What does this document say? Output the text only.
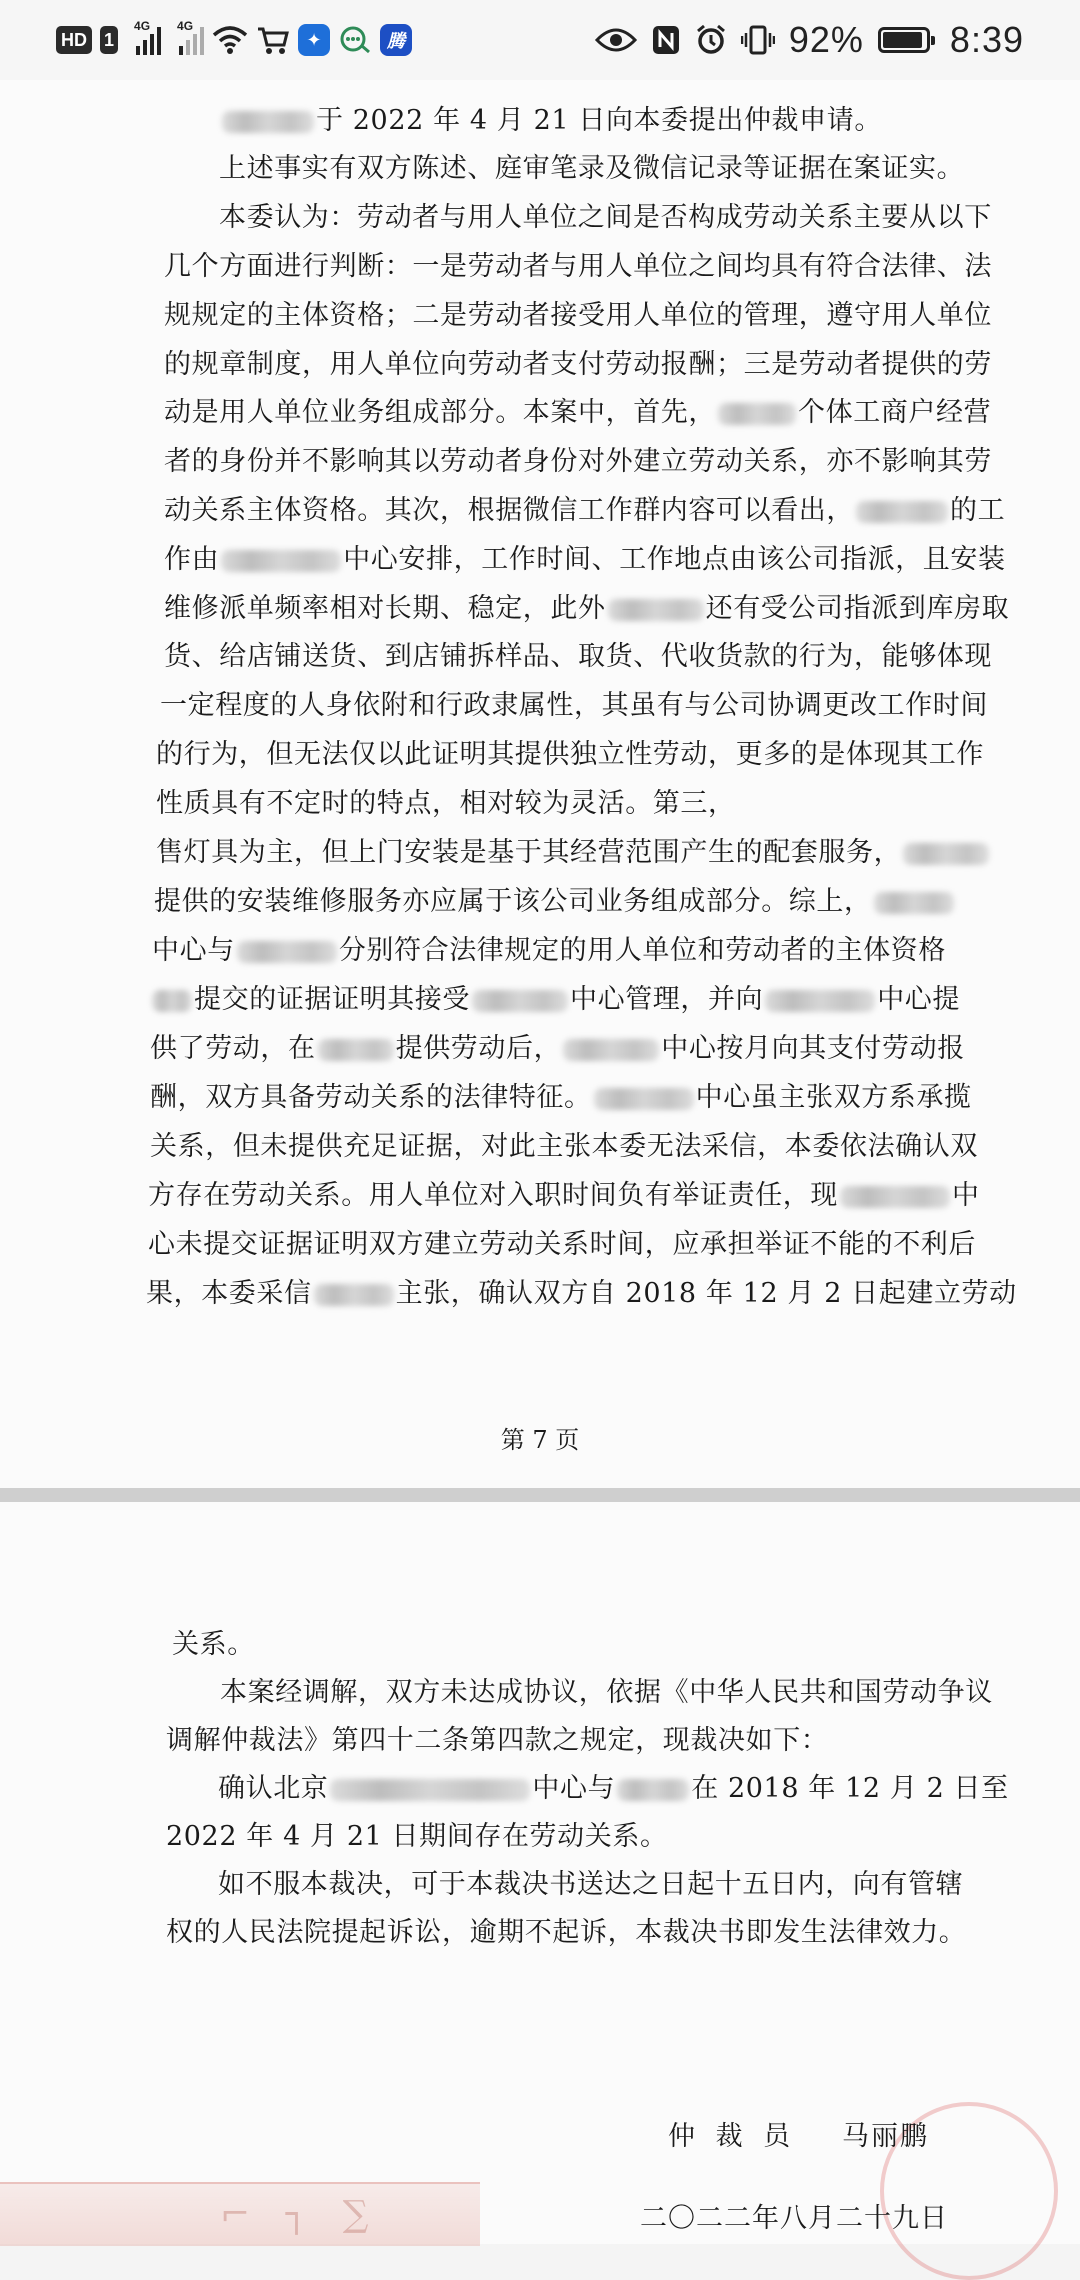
HD 1
4G 4G
✦	腾	92% 8:39
于 2022 年 4 月 21 日向本委提出仲裁申请。
上述事实有双方陈述、庭审笔录及微信记录等证据在案证实。
本委认为：劳动者与用人单位之间是否构成劳动关系主要从以下
几个方面进行判断：一是劳动者与用人单位之间均具有符合法律、法
规规定的主体资格；二是劳动者接受用人单位的管理，遵守用人单位
的规章制度，用人单位向劳动者支付劳动报酬；三是劳动者提供的劳
动是用人单位业务组成部分。本案中，首先，	个体工商户经营
者的身份并不影响其以劳动者身份对外建立劳动关系，亦不影响其劳
动关系主体资格。其次，根据微信工作群内容可以看出，	的工
作由	中心安排，工作时间、工作地点由该公司指派，且安装
维修派单频率相对长期、稳定，此外	还有受公司指派到库房取
货、给店铺送货、到店铺拆样品、取货、代收货款的行为，能够体现
一定程度的人身依附和行政隶属性，其虽有与公司协调更改工作时间
的行为，但无法仅以此证明其提供独立性劳动，更多的是体现其工作
性质具有不定时的特点，相对较为灵活。第三，
售灯具为主，但上门安装是基于其经营范围产生的配套服务，
提供的安装维修服务亦应属于该公司业务组成部分。综上，
中心与	分别符合法律规定的用人单位和劳动者的主体资格
提交的证据证明其接受	中心管理，并向	中心提
供了劳动，在	提供劳动后，	中心按月向其支付劳动报
酬，双方具备劳动关系的法律特征。	中心虽主张双方系承揽
关系，但未提供充足证据，对此主张本委无法采信，本委依法确认双
方存在劳动关系。用人单位对入职时间负有举证责任，现	中
心未提交证据证明双方建立劳动关系时间，应承担举证不能的不利后
果，本委采信	主张，确认双方自 2018 年 12 月 2 日起建立劳动
第 7 页
关系。
本案经调解，双方未达成协议，依据《中华人民共和国劳动争议
调解仲裁法》第四十二条第四款之规定，现裁决如下：
确认北京	中心与	在 2018 年 12 月 2 日至
2022 年 4 月 21 日期间存在劳动关系。
如不服本裁决，可于本裁决书送达之日起十五日内，向有管辖
权的人民法院提起诉讼，逾期不起诉，本裁决书即发生法律效力。
仲 裁 员 马丽鹏
二〇二二年八月二十九日
⌐ ┐ ∑
